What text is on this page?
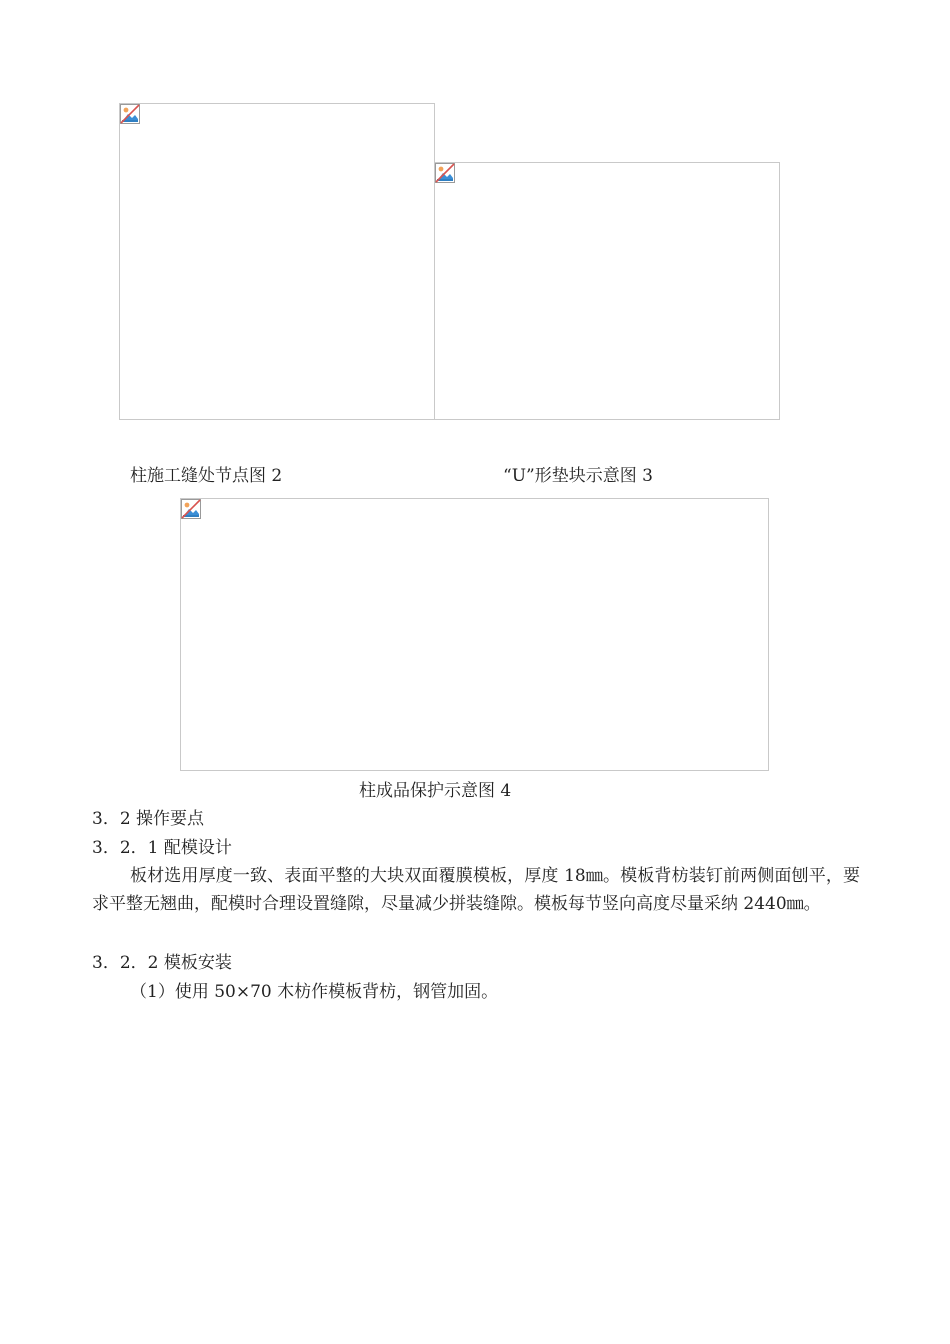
柱施工缝处节点图 2	“U”形垫块示意图 3
柱成品保护示意图 4
3．2 操作要点
3．2．1 配模设计
板材选用厚度一致、表面平整的大块双面覆膜模板，厚度 18㎜。模板背枋装钉前两侧面刨平，要求平整无翘曲，配模时合理设置缝隙，尽量减少拼装缝隙。模板每节竖向高度尽量采纳 2440㎜。
3．2．2 模板安装
（1）使用 50×70 木枋作模板背枋，钢管加固。
